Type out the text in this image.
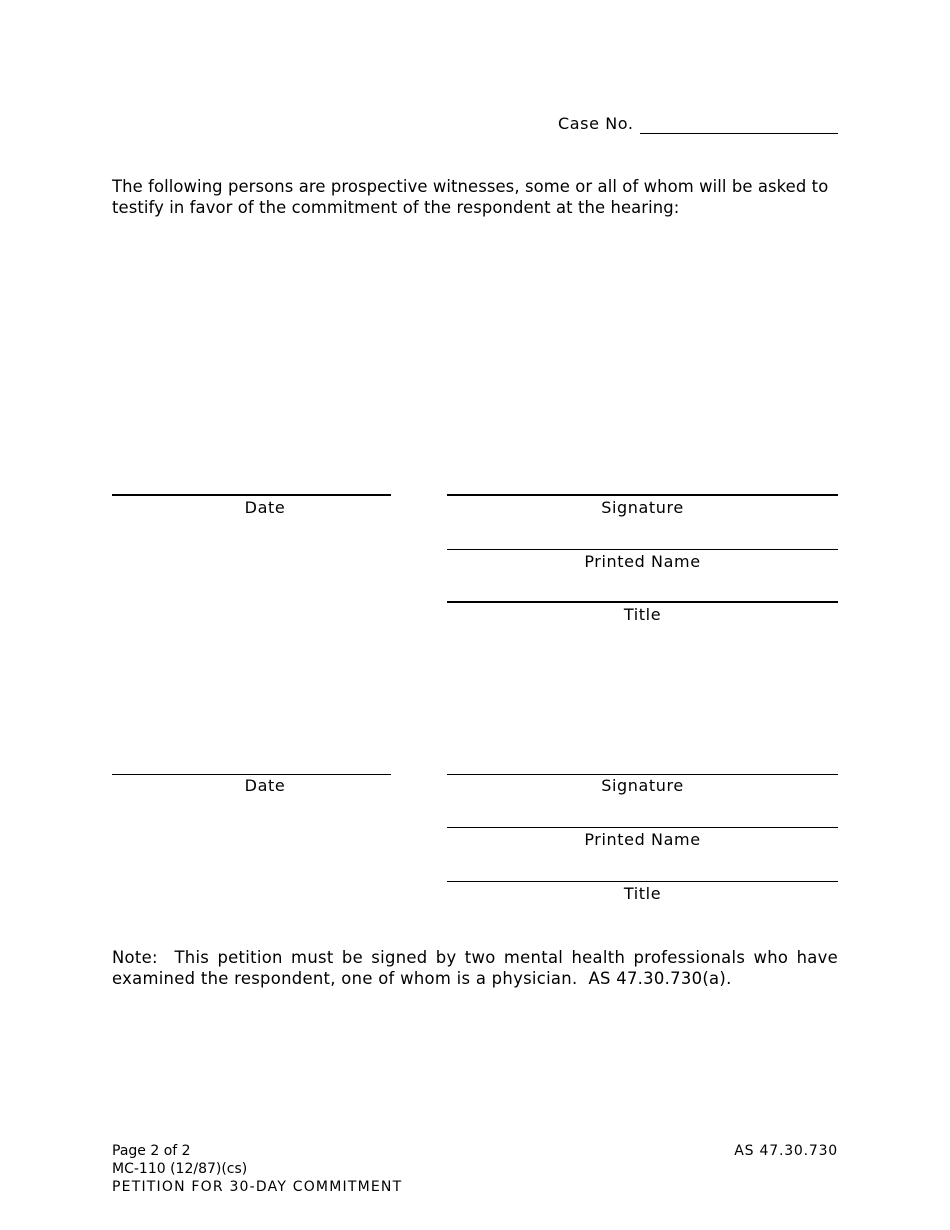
Case No.
The following persons are prospective witnesses, some or all of whom will be asked to testify in favor of the commitment of the respondent at the hearing:
Date	Signature
Printed Name
Title
Date	Signature
Printed Name
Title
Note:  This petition must be signed by two mental health professionals who have examined the respondent, one of whom is a physician.  AS 47.30.730(a).
Page 2 of 2
MC-110 (12/87)(cs)
PETITION FOR 30-DAY COMMITMENT
AS 47.30.730
